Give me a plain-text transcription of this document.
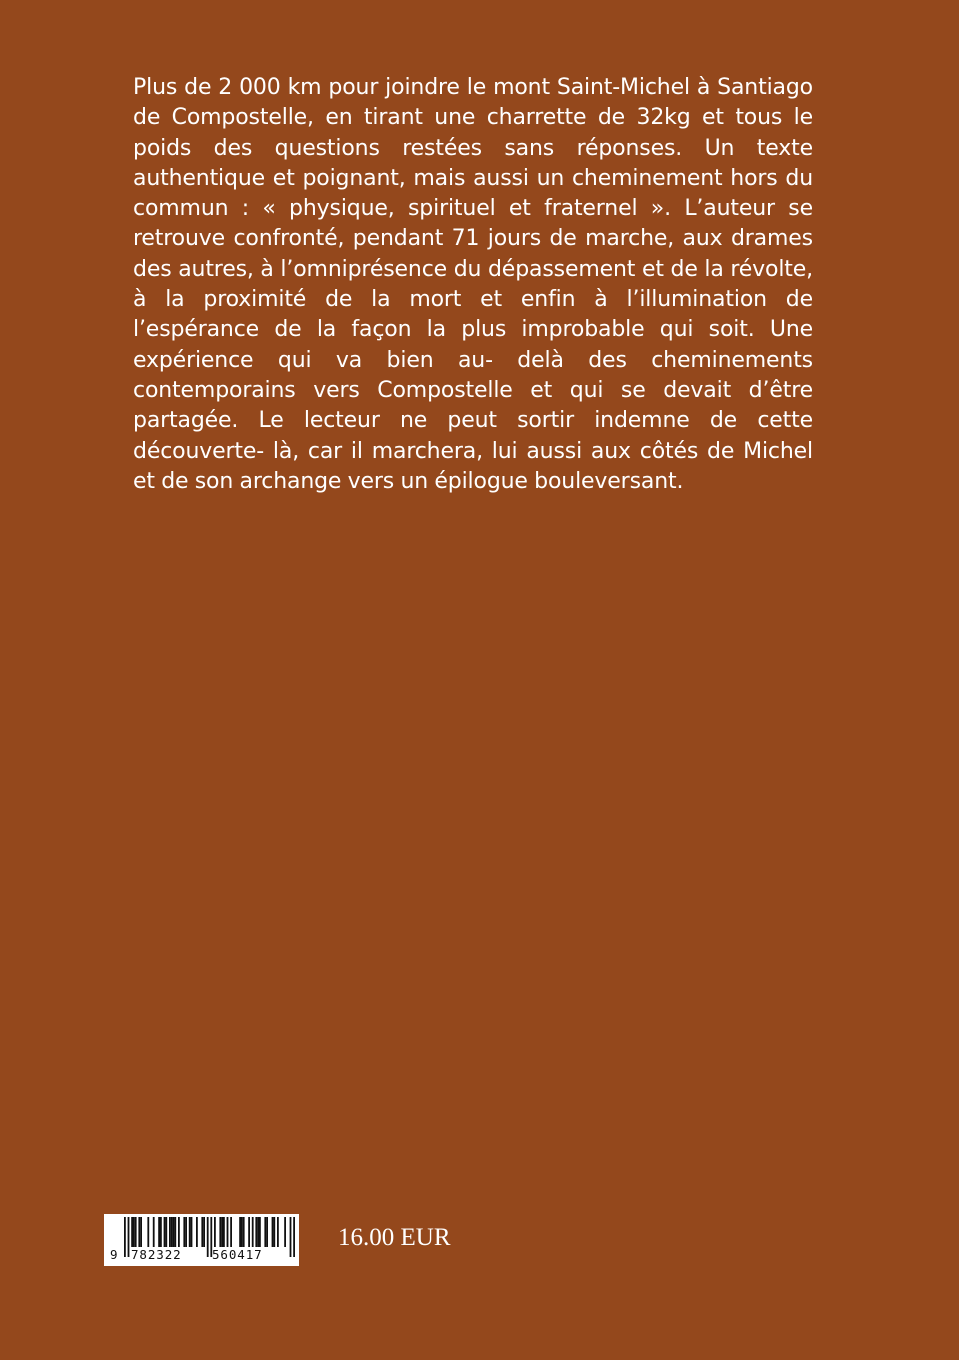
Plus de 2 000 km pour joindre le mont Saint-Michel à Santiago de Compostelle, en tirant une charrette de 32kg et tous le poids des questions restées sans réponses. Un texte authentique et poignant, mais aussi un cheminement hors du commun : « physique, spirituel et fraternel ». L’auteur se retrouve confronté, pendant 71 jours de marche, aux drames des autres, à l’omniprésence du dépassement et de la révolte, à la proximité de la mort et enfin à l’illumination de l’espérance de la façon la plus improbable qui soit. Une expérience qui va bien au- delà des cheminements contemporains vers Compostelle et qui se devait d’être partagée. Le lecteur ne peut sortir indemne de cette découverte- là, car il marchera, lui aussi aux côtés de Michel et de son archange vers un épilogue bouleversant.

9 782322 560417
16.00 EUR
